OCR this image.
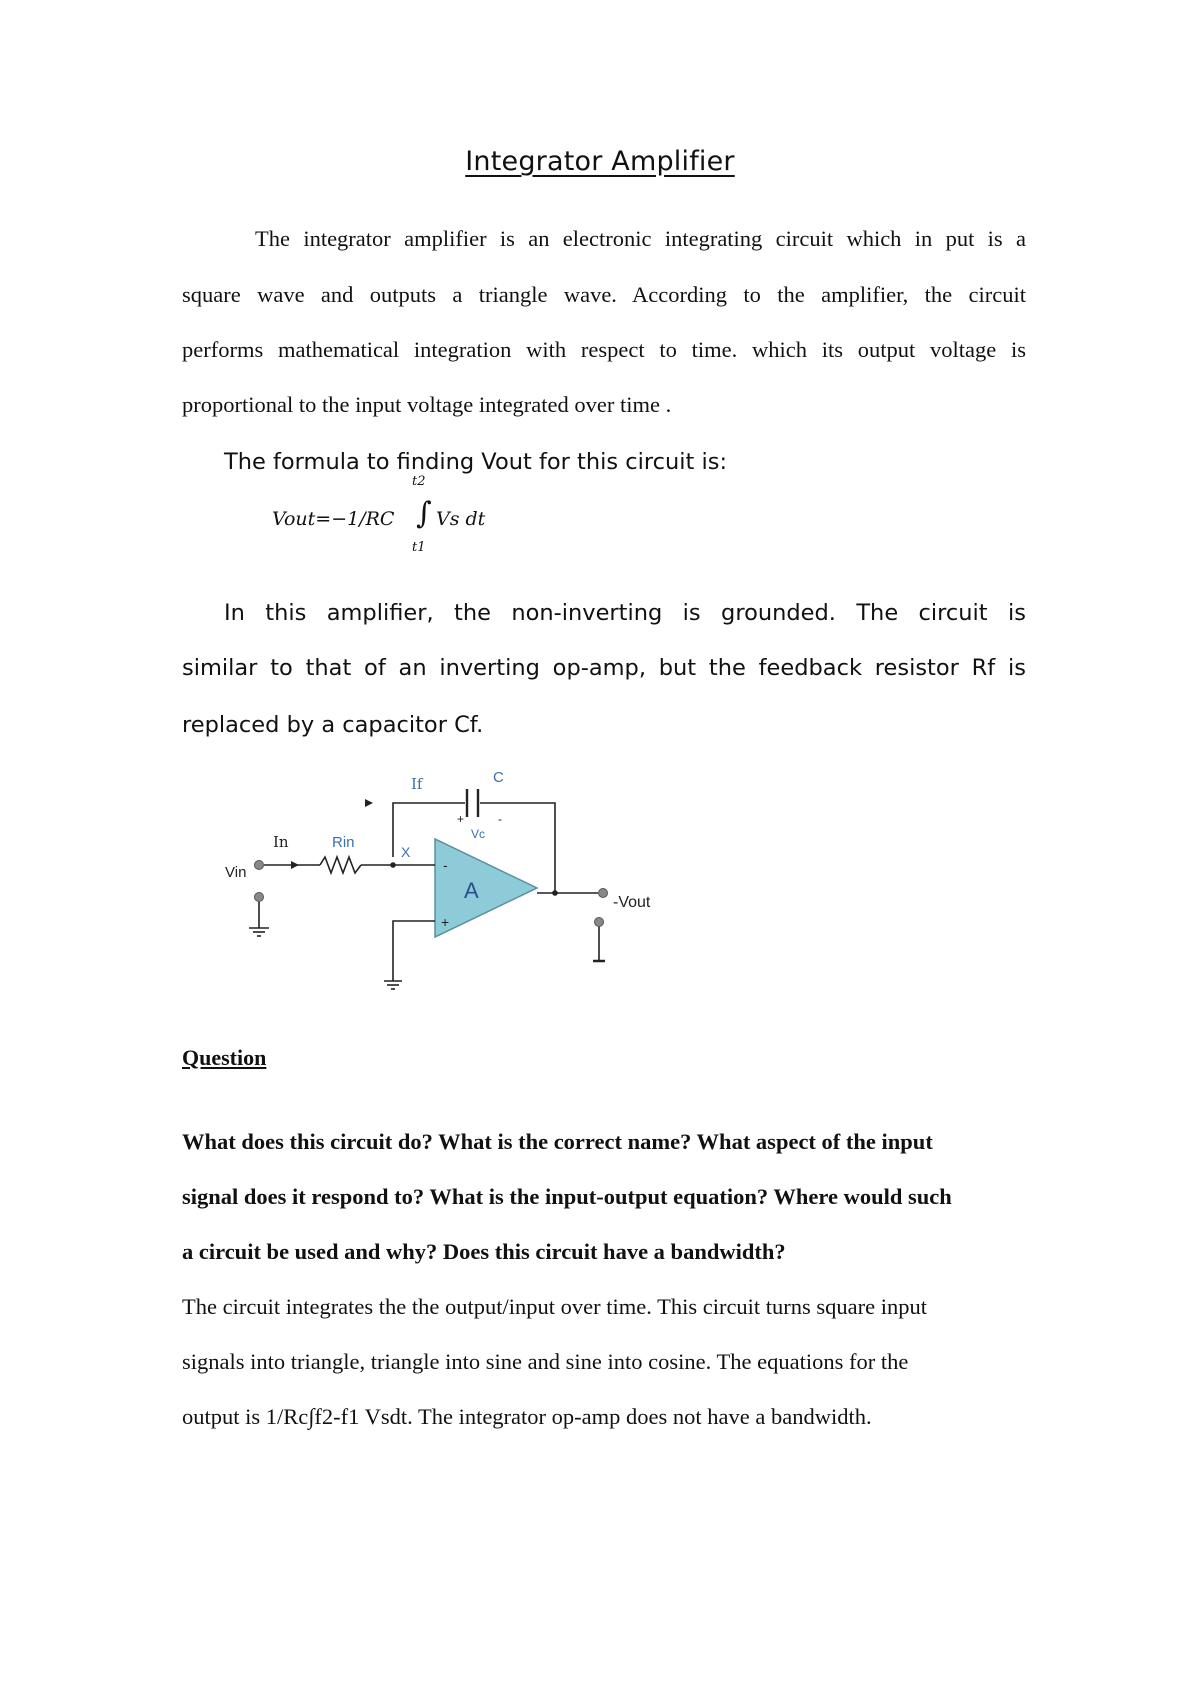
Integrator Amplifier
The integrator amplifier is an electronic integrating circuit which in put is a
square wave and outputs a triangle wave. According to the amplifier, the circuit
performs mathematical integration with respect to time. which its output voltage is
proportional to the input voltage integrated over time .
The formula to finding Vout for this circuit is:
Vout=−1/RC
t2
∫
t1
Vs dt
In this amplifier, the non-inverting is grounded. The circuit is
similar to that of an inverting op-amp, but the feedback resistor Rf is
replaced by a capacitor Cf.
If	C
+	-
Vc
In	Rin
X
Vin	-
+
A	-Vout
Question
What does this circuit do? What is the correct name? What aspect of the input
signal does it respond to? What is the input-output equation? Where would such
a circuit be used and why? Does this circuit have a bandwidth?
The circuit integrates the the output/input over time. This circuit turns square input
signals into triangle, triangle into sine and sine into cosine. The equations for the
output is 1/Rc∫f2-f1 Vsdt. The integrator op-amp does not have a bandwidth.
